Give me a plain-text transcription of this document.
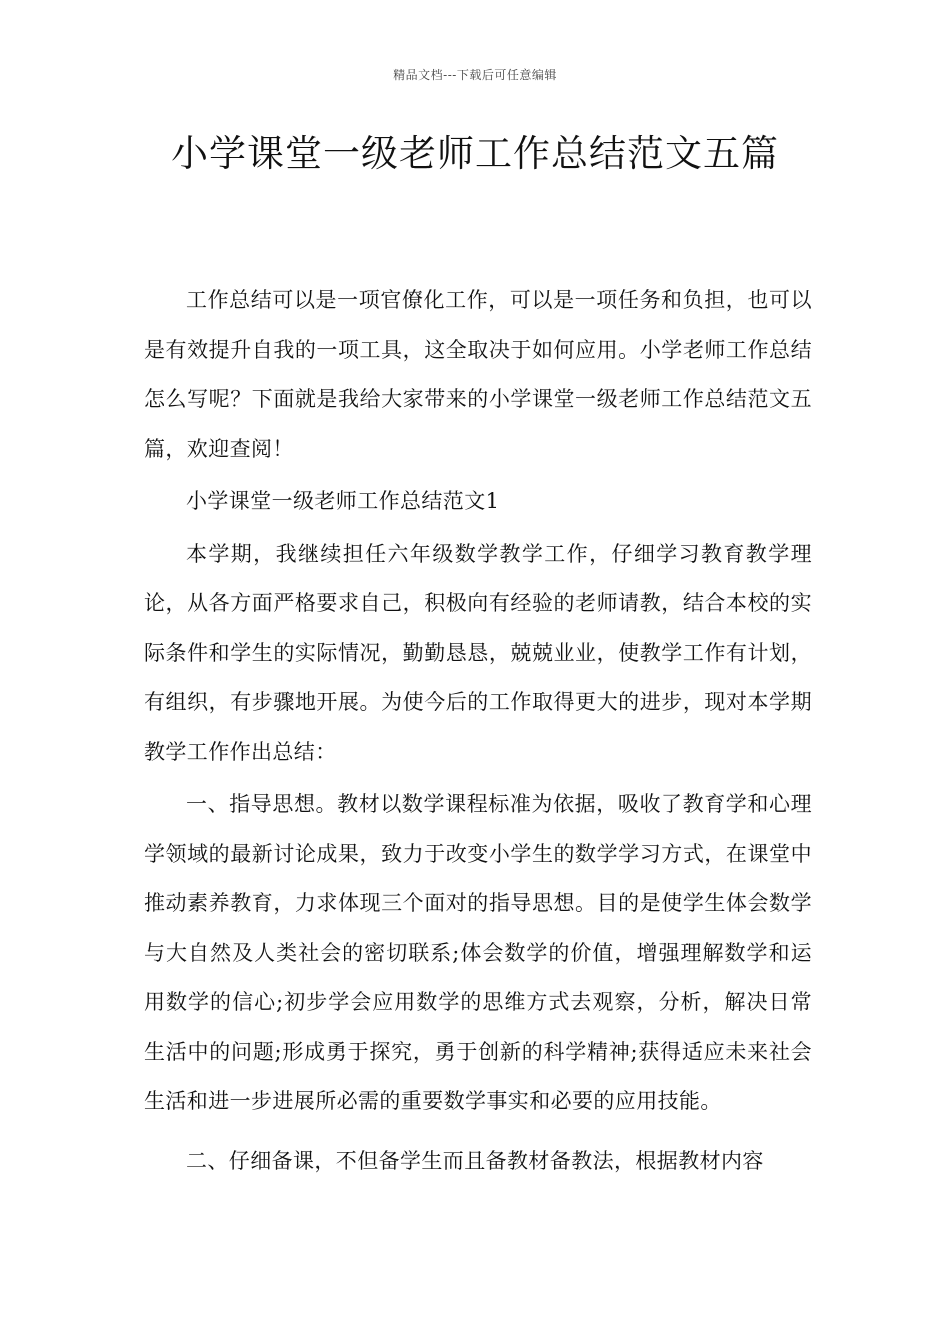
精品文档---下载后可任意编辑
小学课堂一级老师工作总结范文五篇

工作总结可以是一项官僚化工作，可以是一项任务和负担，也可以是有效提升自我的一项工具，这全取决于如何应用。小学老师工作总结怎么写呢？下面就是我给大家带来的小学课堂一级老师工作总结范文五篇，欢迎查阅！

小学课堂一级老师工作总结范文1

本学期，我继续担任六年级数学教学工作，仔细学习教育教学理论，从各方面严格要求自己，积极向有经验的老师请教，结合本校的实际条件和学生的实际情况，勤勤恳恳，兢兢业业，使教学工作有计划，有组织，有步骤地开展。为使今后的工作取得更大的进步，现对本学期教学工作作出总结：

一、指导思想。教材以数学课程标准为依据，吸收了教育学和心理学领域的最新讨论成果，致力于改变小学生的数学学习方式，在课堂中推动素养教育，力求体现三个面对的指导思想。目的是使学生体会数学与大自然及人类社会的密切联系;体会数学的价值，增强理解数学和运用数学的信心;初步学会应用数学的思维方式去观察，分析，解决日常生活中的问题;形成勇于探究，勇于创新的科学精神;获得适应未来社会生活和进一步进展所必需的重要数学事实和必要的应用技能。

二、仔细备课，不但备学生而且备教材备教法，根据教材内容
